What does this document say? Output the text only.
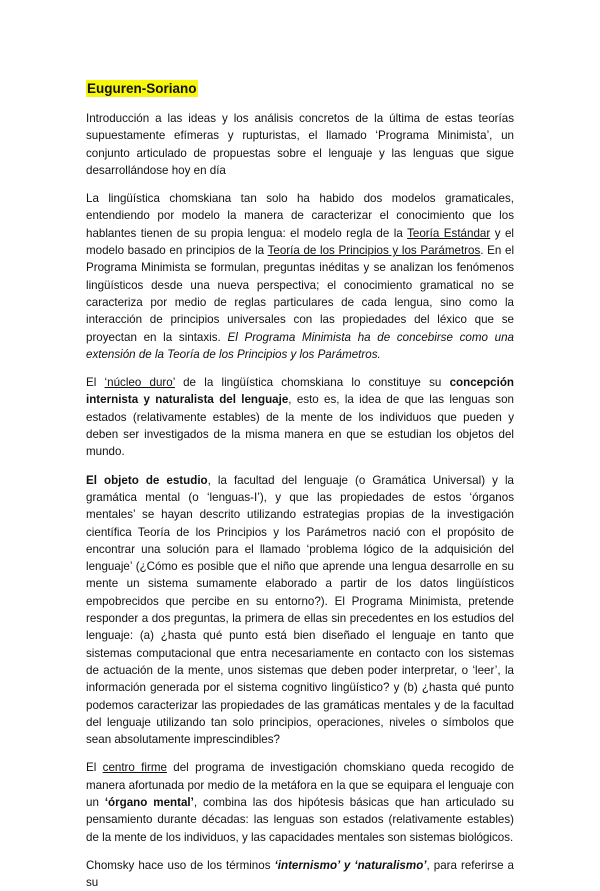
Euguren-Soriano

Introducción a las ideas y los análisis concretos de la última de estas teorías supuestamente efímeras y rupturistas, el llamado ‘Programa Minimista’, un conjunto articulado de propuestas sobre el lenguaje y las lenguas que sigue desarrollándose hoy en día

La lingüística chomskiana tan solo ha habido dos modelos gramaticales, entendiendo por modelo la manera de caracterizar el conocimiento que los hablantes tienen de su propia lengua: el modelo regla de la Teoría Estándar y el modelo basado en principios de la Teoría de los Principios y los Parámetros. En el Programa Minimista se formulan, preguntas inéditas y se analizan los fenómenos lingüísticos desde una nueva perspectiva; el conocimiento gramatical no se caracteriza por medio de reglas particulares de cada lengua, sino como la interacción de principios universales con las propiedades del léxico que se proyectan en la sintaxis. El Programa Minimista ha de concebirse como una extensión de la Teoría de los Principios y los Parámetros.

El ‘núcleo duro’ de la lingüística chomskiana lo constituye su concepción internista y naturalista del lenguaje, esto es, la idea de que las lenguas son estados (relativamente estables) de la mente de los individuos que pueden y deben ser investigados de la misma manera en que se estudian los objetos del mundo.

El objeto de estudio, la facultad del lenguaje (o Gramática Universal) y la gramática mental (o ‘lenguas-I’), y que las propiedades de estos ‘órganos mentales’ se hayan descrito utilizando estrategias propias de la investigación científica Teoría de los Principios y los Parámetros nació con el propósito de encontrar una solución para el llamado ‘problema lógico de la adquisición del lenguaje’ (¿Cómo es posible que el niño que aprende una lengua desarrolle en su mente un sistema sumamente elaborado a partir de los datos lingüísticos empobrecidos que percibe en su entorno?). El Programa Minimista, pretende responder a dos preguntas, la primera de ellas sin precedentes en los estudios del lenguaje: (a) ¿hasta qué punto está bien diseñado el lenguaje en tanto que sistemas computacional que entra necesariamente en contacto con los sistemas de actuación de la mente, unos sistemas que deben poder interpretar, o ‘leer’, la información generada por el sistema cognitivo lingüístico? y (b) ¿hasta qué punto podemos caracterizar las propiedades de las gramáticas mentales y de la facultad del lenguaje utilizando tan solo principios, operaciones, niveles o símbolos que sean absolutamente imprescindibles?

El centro firme del programa de investigación chomskiano queda recogido de manera afortunada por medio de la metáfora en la que se equipara el lenguaje con un ‘órgano mental’, combina las dos hipótesis básicas que han articulado su pensamiento durante décadas: las lenguas son estados (relativamente estables) de la mente de los individuos, y las capacidades mentales son sistemas biológicos.

Chomsky hace uso de los términos ‘internismo’ y ‘naturalismo’, para referirse a su
